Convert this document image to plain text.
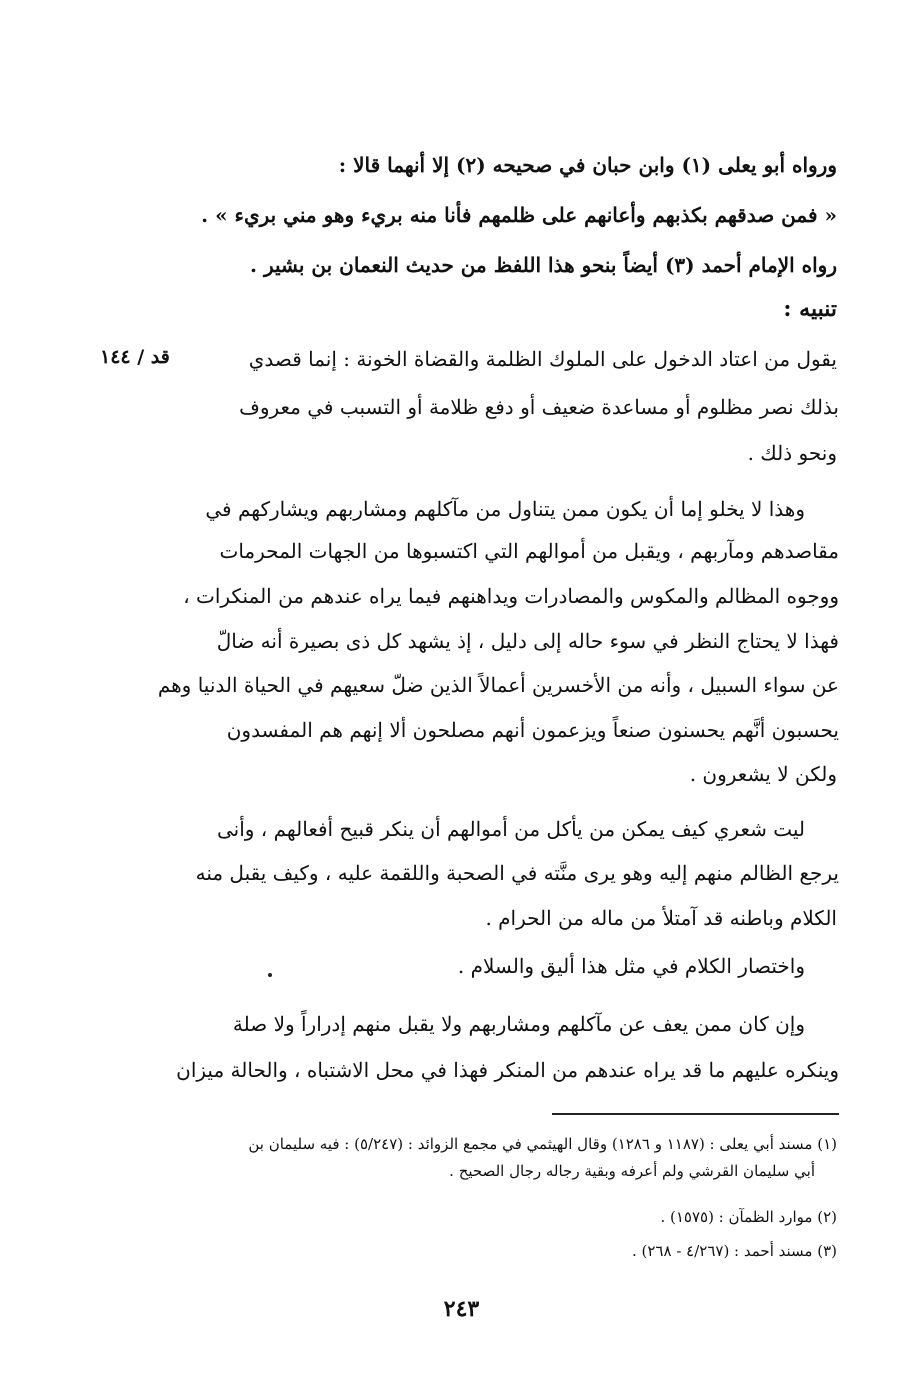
ورواه أبو يعلى (١) وابن حبان في صحيحه (٢) إلا أنهما قالا :
« فمن صدقهم بكذبهم وأعانهم على ظلمهم فأنا منه بريء وهو مني بريء » .
رواه الإمام أحمد (٣) أيضاً بنحو هذا اللفظ من حديث النعمان بن بشير .
تنبيه :
قد / ١٤٤	يقول من اعتاد الدخول على الملوك الظلمة والقضاة الخونة : إنما قصدي
بذلك نصر مظلوم أو مساعدة ضعيف أو دفع ظلامة أو التسبب في معروف
ونحو ذلك .
وهذا لا يخلو إما أن يكون ممن يتناول من مآكلهم ومشاربهم ويشاركهم في
مقاصدهم ومآربهم ، ويقبل من أموالهم التي اكتسبوها من الجهات المحرمات
ووجوه المظالم والمكوس والمصادرات ويداهنهم فيما يراه عندهم من المنكرات ،
فهذا لا يحتاج النظر في سوء حاله إلى دليل ، إذ يشهد كل ذى بصيرة أنه ضالّ
عن سواء السبيل ، وأنه من الأخسرين أعمالاً الذين ضلّ سعيهم في الحياة الدنيا وهم
يحسبون أنَّهم يحسنون صنعاً ويزعمون أنهم مصلحون ألا إنهم هم المفسدون
ولكن لا يشعرون .
ليت شعري كيف يمكن من يأكل من أموالهم أن ينكر قبيح أفعالهم ، وأنى
يرجع الظالم منهم إليه وهو يرى منَّته في الصحبة واللقمة عليه ، وكيف يقبل منه
الكلام وباطنه قد آمتلأ من ماله من الحرام .
واختصار الكلام في مثل هذا أليق والسلام .
وإن كان ممن يعف عن مآكلهم ومشاربهم ولا يقبل منهم إدراراً ولا صلة
وينكره عليهم ما قد يراه عندهم من المنكر فهذا في محل الاشتباه ، والحالة ميزان
(١) مسند أبي يعلى : (١١٨٧ و ١٢٨٦) وقال الهيثمي في مجمع الزوائد : (٥/٢٤٧) : فيه سليمان بن
أبي سليمان القرشي ولم أعرفه وبقية رجاله رجال الصحيح .
(٢) موارد الظمآن : (١٥٧٥) .
(٣) مسند أحمد : (٤/٢٦٧ - ٢٦٨) .
٢٤٣
